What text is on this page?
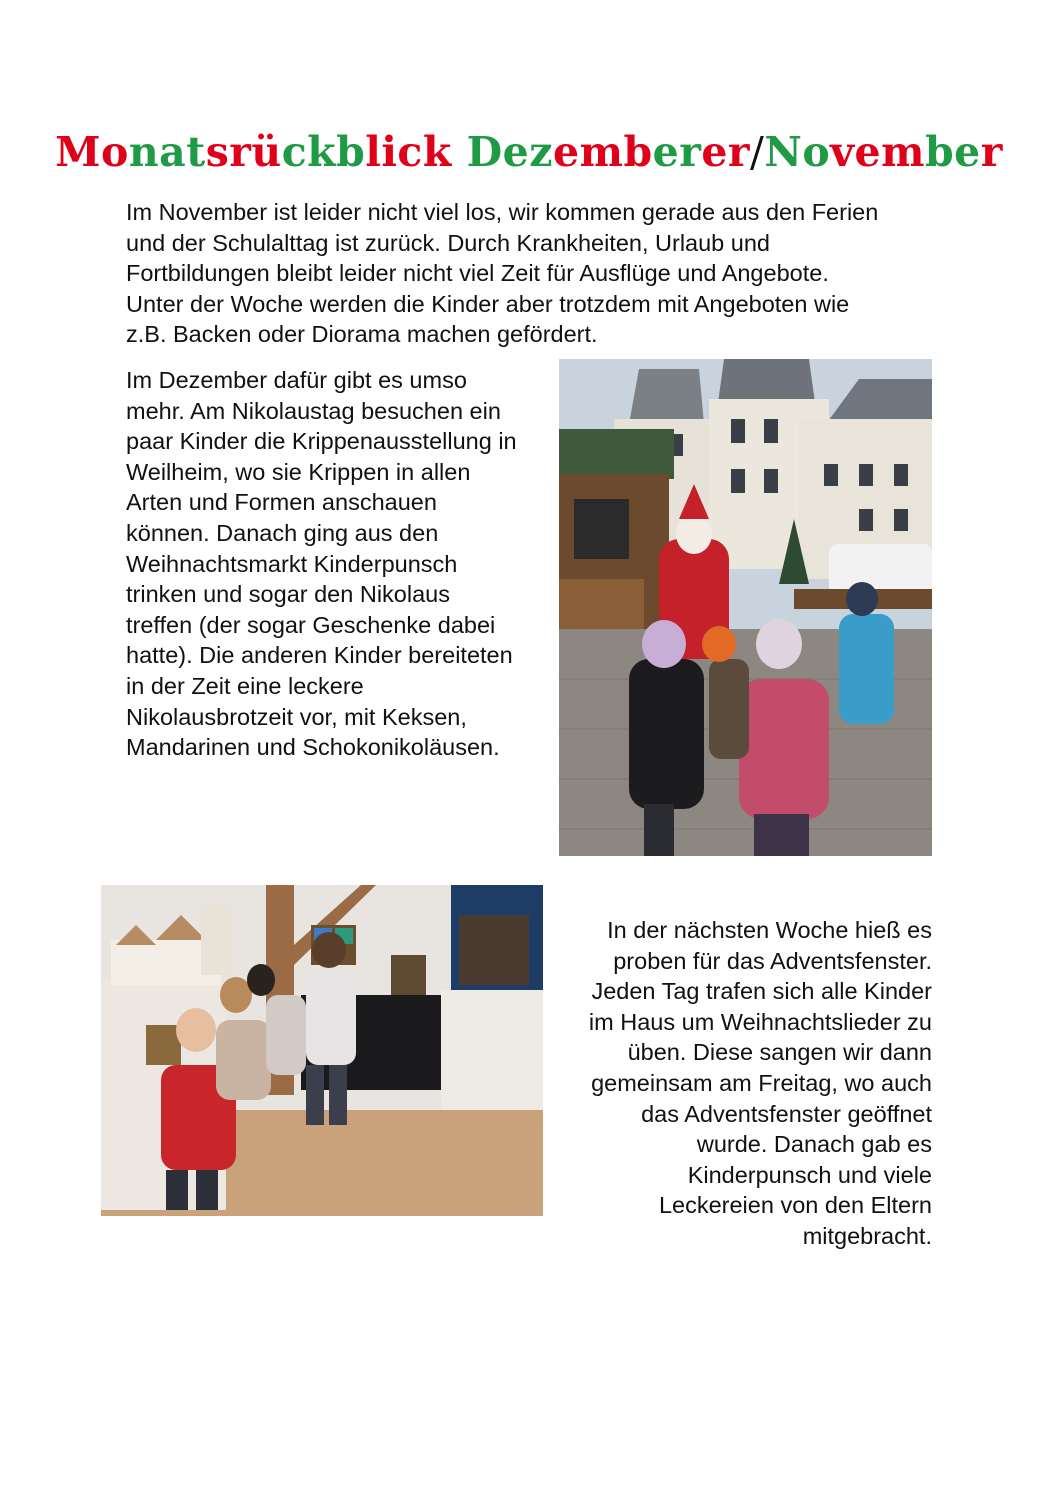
Monatsrückblick Dezemberer/November

Im November ist leider nicht viel los, wir kommen gerade aus den Ferien
und der Schulalttag ist zurück. Durch Krankheiten, Urlaub und
Fortbildungen bleibt leider nicht viel Zeit für Ausflüge und Angebote.
Unter der Woche werden die Kinder aber trotzdem mit Angeboten wie
z.B. Backen oder Diorama machen gefördert.

Im Dezember dafür gibt es umso
mehr. Am Nikolaustag besuchen ein
paar Kinder die Krippenausstellung in
Weilheim, wo sie Krippen in allen
Arten und Formen anschauen
können. Danach ging aus den
Weihnachtsmarkt Kinderpunsch
trinken und sogar den Nikolaus
treffen (der sogar Geschenke dabei
hatte). Die anderen Kinder bereiteten
in der Zeit eine leckere
Nikolausbrotzeit vor, mit Keksen,
Mandarinen und Schokonikoläusen.

In der nächsten Woche hieß es
proben für das Adventsfenster.
Jeden Tag trafen sich alle Kinder
im Haus um Weihnachtslieder zu
üben. Diese sangen wir dann
gemeinsam am Freitag, wo auch
das Adventsfenster geöffnet
wurde. Danach gab es
Kinderpunsch und viele
Leckereien von den Eltern
mitgebracht.
